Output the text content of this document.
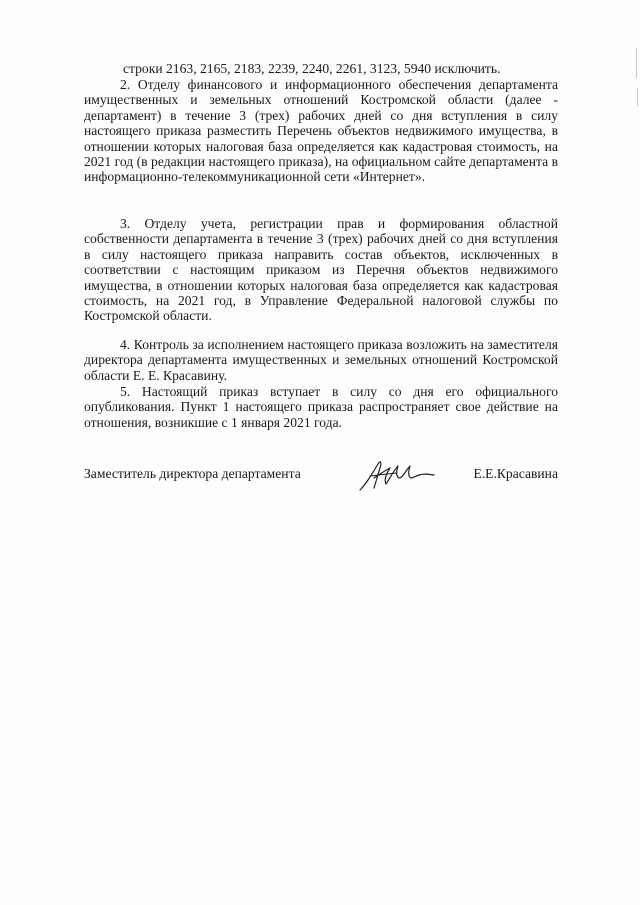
строки 2163, 2165, 2183, 2239, 2240, 2261, 3123, 5940 исключить.

2. Отделу финансового и информационного обеспечения департамента имущественных и земельных отношений Костромской области (далее - департамент) в течение 3 (трех) рабочих дней со дня вступления в силу настоящего приказа разместить Перечень объектов недвижимого имущества, в отношении которых налоговая база определяется как кадастровая стоимость, на 2021 год (в редакции настоящего приказа), на официальном сайте департамента в информационно-телекоммуникационной сети «Интернет».

3. Отделу учета, регистрации прав и формирования областной собственности департамента в течение 3 (трех) рабочих дней со дня вступления в силу настоящего приказа направить состав объектов, исключенных в соответствии с настоящим приказом из Перечня объектов недвижимого имущества, в отношении которых налоговая база определяется как кадастровая стоимость, на 2021 год, в Управление Федеральной налоговой службы по Костромской области.

4. Контроль за исполнением настоящего приказа возложить на заместителя директора департамента имущественных и земельных отношений Костромской области Е. Е. Красавину.

5. Настоящий приказ вступает в силу со дня его официального опубликования. Пункт 1 настоящего приказа распространяет свое действие на отношения, возникшие с 1 января 2021 года.

Заместитель директора департамента	Е.Е.Красавина
